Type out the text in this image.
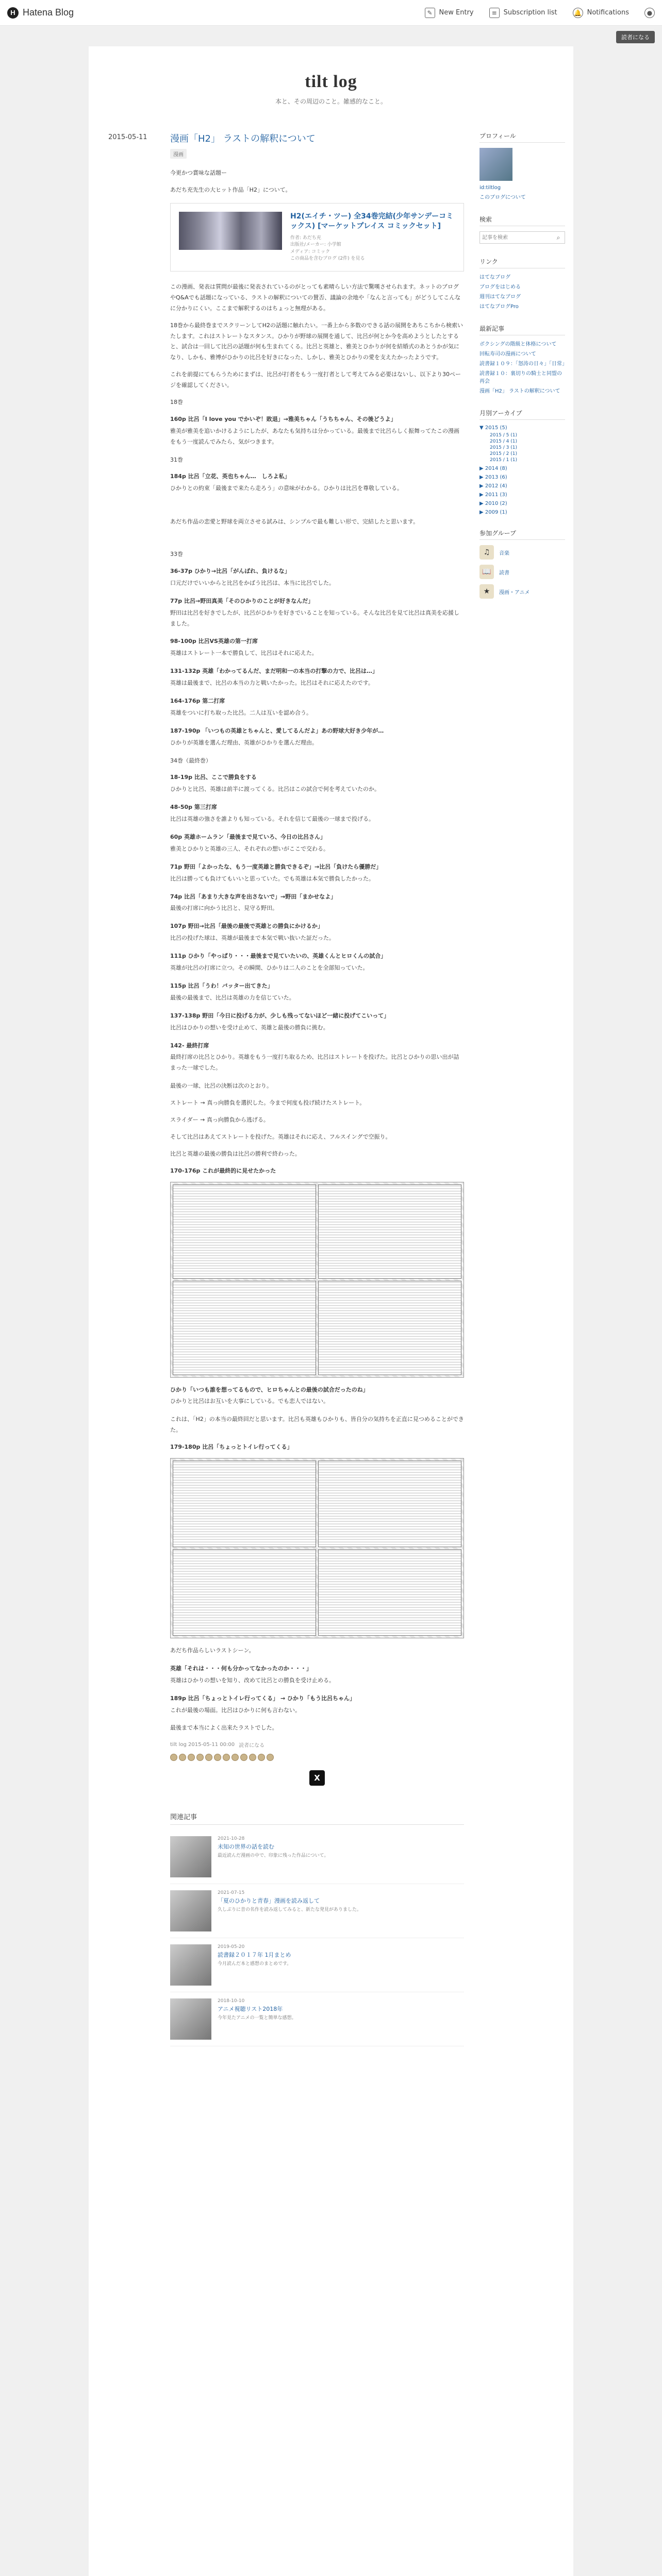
H Hatena Blog	✎ New Entry	≡ Subscription list	🔔 Notifications	●
読者になる
tilt log
本と、その周辺のこと。雑感的なこと。
2015-05-11	漫画「H2」 ラストの解釈について
漫画

今更かつ賞味な話題ー

あだち充先生の大ヒット作品「H2」について。

H2(エイチ・ツー) 全34巻完結(少年サンデーコミックス) [マーケットプレイス コミックセット]
作者: あだち充
出版社/メーカー: 小学館
メディア: コミック
この商品を含むブログ (2件) を見る

この漫画、発表は質問が最後に発表されているのがとっても素晴らしい方法で驚嘆させられます。ネットのブログやQ&Aでも話題になっている、ラストの解釈についての賛否、議論の余地や「なんと言っても」がどうしてこんなに分かりにくい。ここまで解釈するのはちょっと無理がある。

18巻から最終巻までスクリーンしてH2の話題に触れたい。一番上から多数のできる話の展開をあちこちから検索いたします。これはストレートなスタンス。ひかりが野球の展開を通して、比呂が何とか今を高めようとしたとすると、試合は一回して比呂の話題が何も生まれてくる。比呂と英雄と、雅美とひかりが何を結婚式のあとうかが気になり、しかも、雅博がひかりの比呂を好きになった、しかし、雅美とひかりの愛を支えたかったようです。

これを前提にてもらうためにまずは、比呂が打者をもう一度打者として考えてみる必要はないし、以下より30ページを確認してください。

18巻

160p 比呂「I love you でかいぞ！敗退」→雅美ちゃん「うちちゃん、その後どうよ」

雅美が雅美を追いかけるようにしたが、あなたも気持ちは分かっている。最後まで比呂らしく振舞ってたこの漫画をもう一度読んでみたら、気がつきます。

31巻

184p 比呂「立花、英也ちゃん…　しろよ私」

ひかりとの約束「最後まで来たら走ろう」の意味がわかる。ひかりは比呂を尊敬している。

あだち作品の恋愛と野球を両立させる試みは、シンプルで最も難しい形で、完結したと思います。

33巻

36-37p ひかり→比呂「がんばれ、負けるな」

口元だけでいいからと比呂をかばう比呂は、本当に比呂でした。

77p 比呂→野田真美「そのひかりのことが好きなんだ」

野田は比呂を好きでしたが、比呂がひかりを好きでいることを知っている。そんな比呂を見て比呂は真美を応援しました。

98-100p 比呂VS英雄の第一打席

英雄はストレート一本で勝負して、比呂はそれに応えた。

131-132p 英雄「わかってるんだ、まだ明和一の本当の打撃の力で、比呂は…」

英雄は最後まで、比呂の本当の力と戦いたかった。比呂はそれに応えたのです。

164-176p 第二打席

英雄をついに打ち取った比呂。二人は互いを認め合う。

187-190p 「いつもの英雄とちゃんと、愛してるんだよ」あの野球大好き少年が…

ひかりが英雄を選んだ理由、英雄がひかりを選んだ理由。

34巻（最終巻）

18-19p 比呂、ここで勝負をする

ひかりと比呂、英雄は前半に渡ってくる。比呂はこの試合で何を考えていたのか。

48-50p 第三打席

比呂は英雄の強さを誰よりも知っている。それを信じて最後の一球まで投げる。

60p 英雄ホームラン「最後まで見ていろ、今日の比呂さん」

雅美とひかりと英雄の三人、それぞれの想いがここで交わる。

71p 野田「よかったな、もう一度英雄と勝負できるぞ」→比呂「負けたら優勝だ」

比呂は勝っても負けてもいいと思っていた。でも英雄は本気で勝負したかった。

74p 比呂「あまり大きな声を出さないで」→野田「まかせなよ」

最後の打席に向かう比呂と、見守る野田。

107p 野田→比呂「最後の最後で英雄との勝負にかけるか」

比呂の投げた球は、英雄が最後まで本気で戦い抜いた証だった。

111p ひかり「やっぱり・・・最後まで見ていたいの、英雄くんとヒロくんの試合」

英雄が比呂の打席に立つ。その瞬間、ひかりは二人のことを全部知っていた。

115p 比呂「うわ！バッター出てきた」

最後の最後まで、比呂は英雄の力を信じていた。

137-138p 野田「今日に投げる力が、少しも残ってないほど一緒に投げてこいって」

比呂はひかりの想いを受け止めて、英雄と最後の勝負に挑む。

142- 最終打席

最終打席の比呂とひかり。英雄をもう一度打ち取るため、比呂はストレートを投げた。比呂とひかりの思い出が詰まった一球でした。

最後の一球、比呂の決断は次のとおり。

ストレート → 真っ向勝負を選択した。今まで何度も投げ続けたストレート。

スライダー → 真っ向勝負から逃げる。

そして比呂はあえてストレートを投げた。英雄はそれに応え、フルスイングで空振り。

比呂と英雄の最後の勝負は比呂の勝利で終わった。

170-176p これが最終的に見せたかった

ひかり「いつも誰を想ってるもので、ヒロちゃんとの最後の試合だったのね」

ひかりと比呂はお互いを大事にしている。でも恋人ではない。

これは、「H2」の本当の最終回だと思います。比呂も英雄もひかりも、皆自分の気持ちを正直に見つめることができた。

179-180p 比呂「ちょっとトイレ行ってくる」

あだち作品らしいラストシーン。

英雄「それは・・・何も分かってなかったのか・・・」

英雄はひかりの想いを知り、改めて比呂との勝負を受け止める。

189p 比呂「ちょっとトイレ行ってくる」 → ひかり「もう比呂ちゃん」

これが最後の場面。比呂はひかりに何も言わない。

最後まで本当によく出来たラストでした。

tilt log 2015-05-11 00:00 読者になる
X
関連記事
2021-10-28
未知の世界の話を読む
最近読んだ漫画の中で、印象に残った作品について。
2021-07-15
「夏のひかりと青春」漫画を読み返して
久しぶりに昔の名作を読み返してみると、新たな発見がありました。
2019-05-20
読書録２０１７年 1月まとめ
今月読んだ本と感想のまとめです。
2018-10-10
アニメ視聴リスト2018年
今年見たアニメの一覧と簡単な感想。
プロフィール
id:tiltlog
このブログについて
検索
記事を検索
⌕
リンク
はてなブログ
ブログをはじめる
週刊はてなブログ
はてなブログPro
最新記事
ボクシングの階級と体格について
回転寿司の漫画について
読書録１０９：「怒涛の日々」「日常」
読書録１０：裏切りの騎士と同盟の再会
漫画「H2」 ラストの解釈について
月別アーカイブ
▼ 2015 (5)
2015 / 5 (1)
2015 / 4 (1)
2015 / 3 (1)
2015 / 2 (1)
2015 / 1 (1)
▶ 2014 (8)
▶ 2013 (6)
▶ 2012 (4)
▶ 2011 (3)
▶ 2010 (2)
▶ 2009 (1)
参加グループ
♫	音楽
📖	読書
★	漫画・アニメ
